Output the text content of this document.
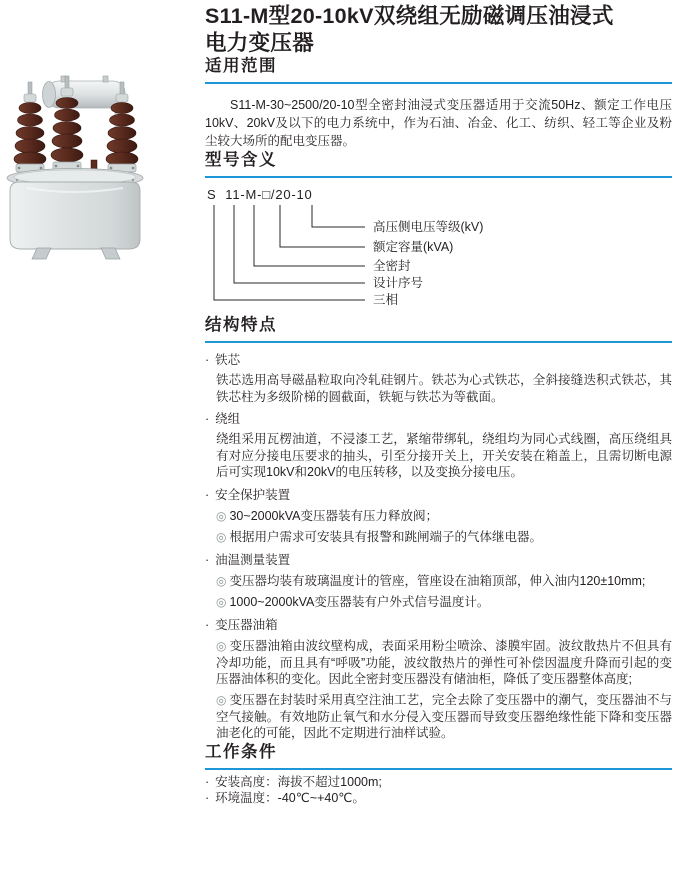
S11-M型20-10kV双绕组无励磁调压油浸式
电力变压器
适用范围

S11-M-30~2500/20-10型全密封油浸式变压器适用于交流50Hz、额定工作电压10kV、20kV及以下的电力系统中，作为石油、冶金、化工、纺织、轻工等企业及粉尘较大场所的配电变压器。

型号含义
S  11-M-□/20-10
高压侧电压等级(kV)
额定容量(kVA)
全密封
设计序号
三相
结构特点
· 铁芯

铁芯选用高导磁晶粒取向冷轧硅钢片。铁芯为心式铁芯，全斜接缝迭积式铁芯，其铁芯柱为多级阶梯的圆截面，铁轭与铁芯为等截面。

· 绕组

绕组采用瓦楞油道，不浸漆工艺，紧缩带绑轧，绕组均为同心式线圈，高压绕组具有对应分接电压要求的抽头，引至分接开关上，开关安装在箱盖上，且需切断电源后可实现10kV和20kV的电压转移，以及变换分接电压。

· 安全保护装置

◎ 30~2000kVA变压器装有压力释放阀；

◎ 根据用户需求可安装具有报警和跳闸端子的气体继电器。

· 油温测量装置

◎ 变压器均装有玻璃温度计的管座，管座设在油箱顶部，伸入油内120±10mm;

◎ 1000~2000kVA变压器装有户外式信号温度计。

· 变压器油箱

◎ 变压器油箱由波纹壁构成，表面采用粉尘喷涂、漆膜牢固。波纹散热片不但具有冷却功能，而且具有“呼吸”功能，波纹散热片的弹性可补偿因温度升降而引起的变压器油体积的变化。因此全密封变压器没有储油柜，降低了变压器整体高度;

◎ 变压器在封装时采用真空注油工艺，完全去除了变压器中的潮气，变压器油不与空气接触。有效地防止氧气和水分侵入变压器而导致变压器绝缘性能下降和变压器油老化的可能，因此不定期进行油样试验。

工作条件

· 安装高度：海拔不超过1000m;

· 环境温度：-40℃~+40℃。
